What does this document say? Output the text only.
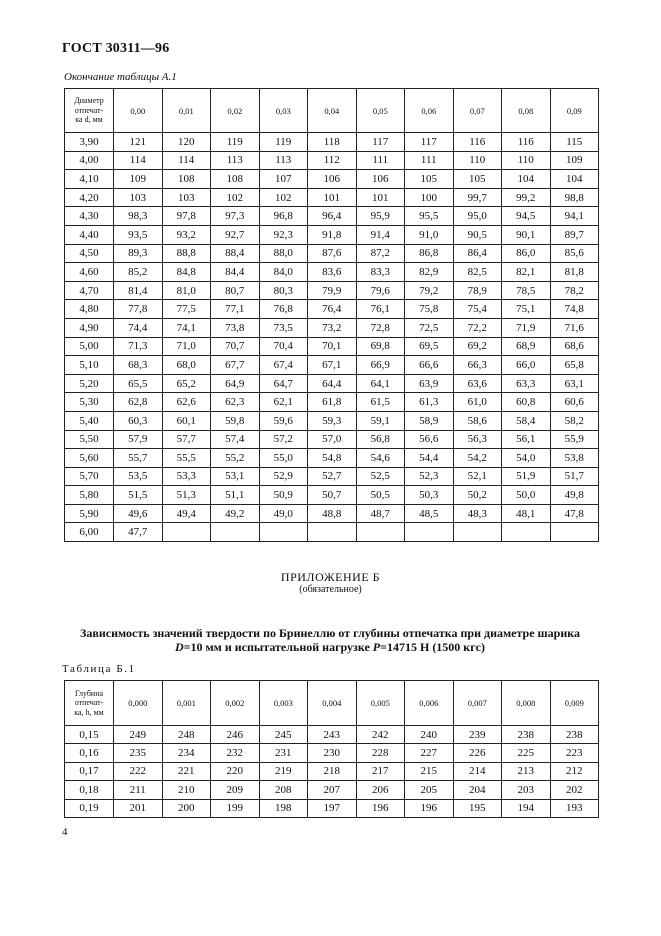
ГОСТ 30311—96
Окончание таблицы А.1
Диаметр
отпечат-
ка d, мм	0,00	0,01	0,02	0,03	0,04	0,05	0,06	0,07	0,08	0,09
3,90	121	120	119	119	118	117	117	116	116	115
4,00	114	114	113	113	112	111	111	110	110	109
4,10	109	108	108	107	106	106	105	105	104	104
4,20	103	103	102	102	101	101	100	99,7	99,2	98,8
4,30	98,3	97,8	97,3	96,8	96,4	95,9	95,5	95,0	94,5	94,1
4,40	93,5	93,2	92,7	92,3	91,8	91,4	91,0	90,5	90,1	89,7
4,50	89,3	88,8	88,4	88,0	87,6	87,2	86,8	86,4	86,0	85,6
4,60	85,2	84,8	84,4	84,0	83,6	83,3	82,9	82,5	82,1	81,8
4,70	81,4	81,0	80,7	80,3	79,9	79,6	79,2	78,9	78,5	78,2
4,80	77,8	77,5	77,1	76,8	76,4	76,1	75,8	75,4	75,1	74,8
4,90	74,4	74,1	73,8	73,5	73,2	72,8	72,5	72,2	71,9	71,6
5,00	71,3	71,0	70,7	70,4	70,1	69,8	69,5	69,2	68,9	68,6
5,10	68,3	68,0	67,7	67,4	67,1	66,9	66,6	66,3	66,0	65,8
5,20	65,5	65,2	64,9	64,7	64,4	64,1	63,9	63,6	63,3	63,1
5,30	62,8	62,6	62,3	62,1	61,8	61,5	61,3	61,0	60,8	60,6
5,40	60,3	60,1	59,8	59,6	59,3	59,1	58,9	58,6	58,4	58,2
5,50	57,9	57,7	57,4	57,2	57,0	56,8	56,6	56,3	56,1	55,9
5,60	55,7	55,5	55,2	55,0	54,8	54,6	54,4	54,2	54,0	53,8
5,70	53,5	53,3	53,1	52,9	52,7	52,5	52,3	52,1	51,9	51,7
5,80	51,5	51,3	51,1	50,9	50,7	50,5	50,3	50,2	50,0	49,8
5,90	49,6	49,4	49,2	49,0	48,8	48,7	48,5	48,3	48,1	47,8
6,00	47,7									
ПРИЛОЖЕНИЕ Б
(обязательное)
Зависимость значений твердости по Бринеллю от глубины отпечатка при диаметре шарика
D=10 мм и испытательной нагрузке P=14715 Н (1500 кгс)
Таблица Б.1
Глубина
отпечат-
ка, h, мм	0,000	0,001	0,002	0,003	0,004	0,005	0,006	0,007	0,008	0,009
0,15	249	248	246	245	243	242	240	239	238	238
0,16	235	234	232	231	230	228	227	226	225	223
0,17	222	221	220	219	218	217	215	214	213	212
0,18	211	210	209	208	207	206	205	204	203	202
0,19	201	200	199	198	197	196	196	195	194	193
4
